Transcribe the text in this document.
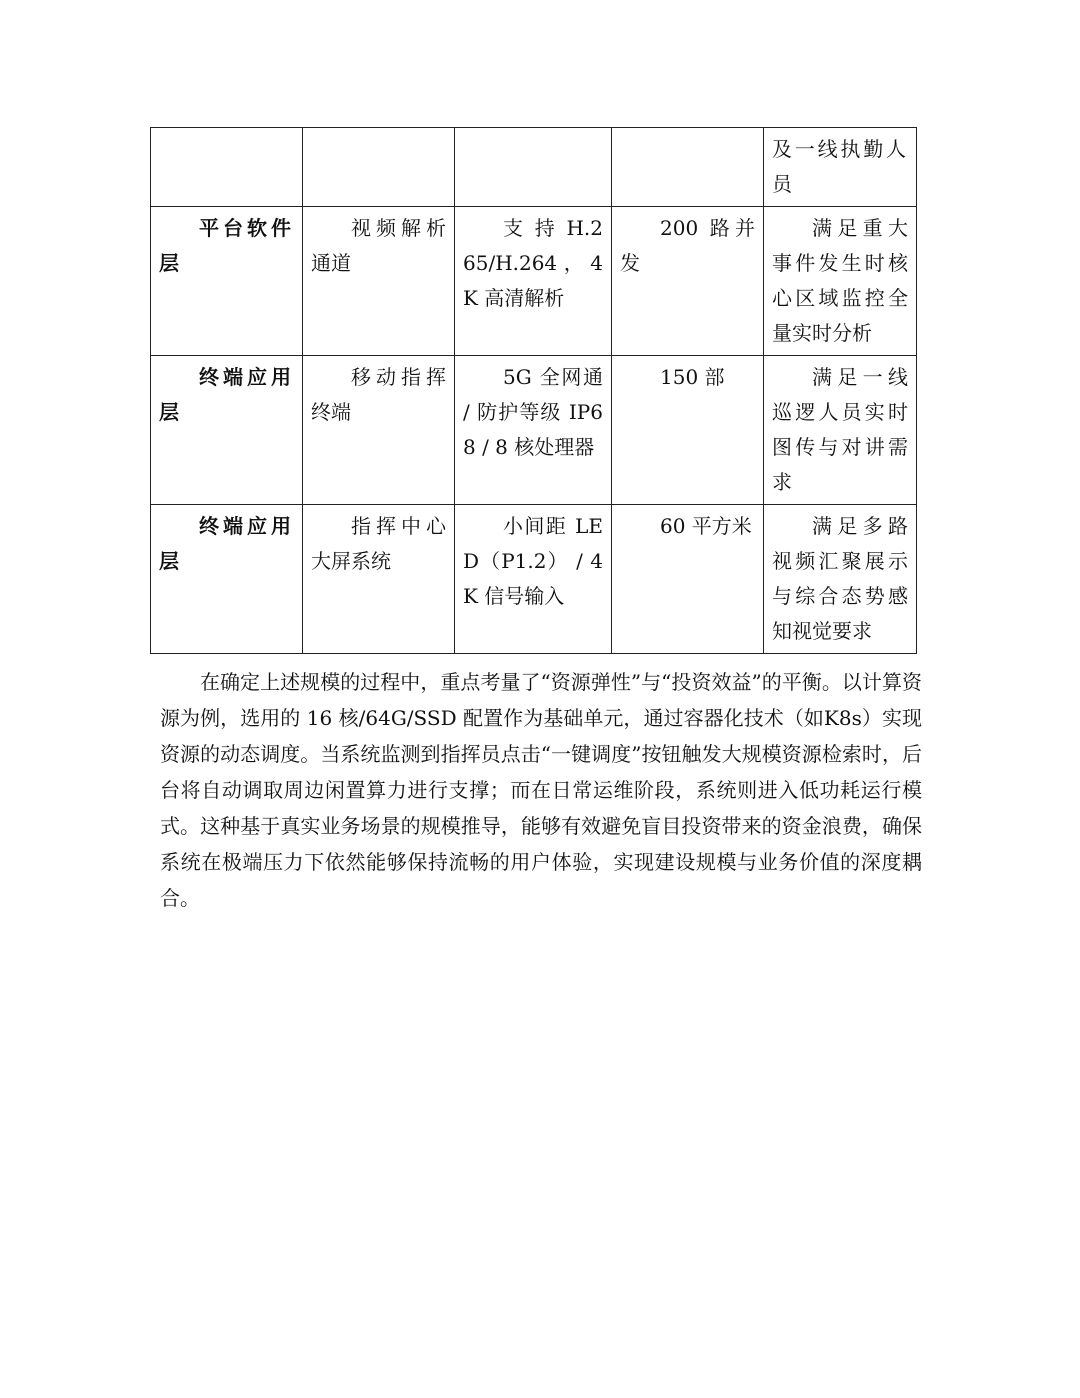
				及一线执勤人员
平台软件层	视频解析通道	支 持 H.265/H.264，4K 高清解析	200 路并发	满足重大事件发生时核心区域监控全量实时分析
终端应用层	移动指挥终端	5G 全网通 / 防护等级 IP68 / 8 核处理器	150 部	满足一线巡逻人员实时图传与对讲需求
终端应用层	指挥中心大屏系统	小间距 LED（P1.2） / 4K 信号输入	60 平方米	满足多路视频汇聚展示与综合态势感知视觉要求

在确定上述规模的过程中，重点考量了“资源弹性”与“投资效益”的平衡。以计算资源为例，选用的 16 核/64G/SSD 配置作为基础单元，通过容器化技术（如K8s）实现资源的动态调度。当系统监测到指挥员点击“一键调度”按钮触发大规模资源检索时，后台将自动调取周边闲置算力进行支撑；而在日常运维阶段，系统则进入低功耗运行模式。这种基于真实业务场景的规模推导，能够有效避免盲目投资带来的资金浪费，确保系统在极端压力下依然能够保持流畅的用户体验，实现建设规模与业务价值的深度耦合。
